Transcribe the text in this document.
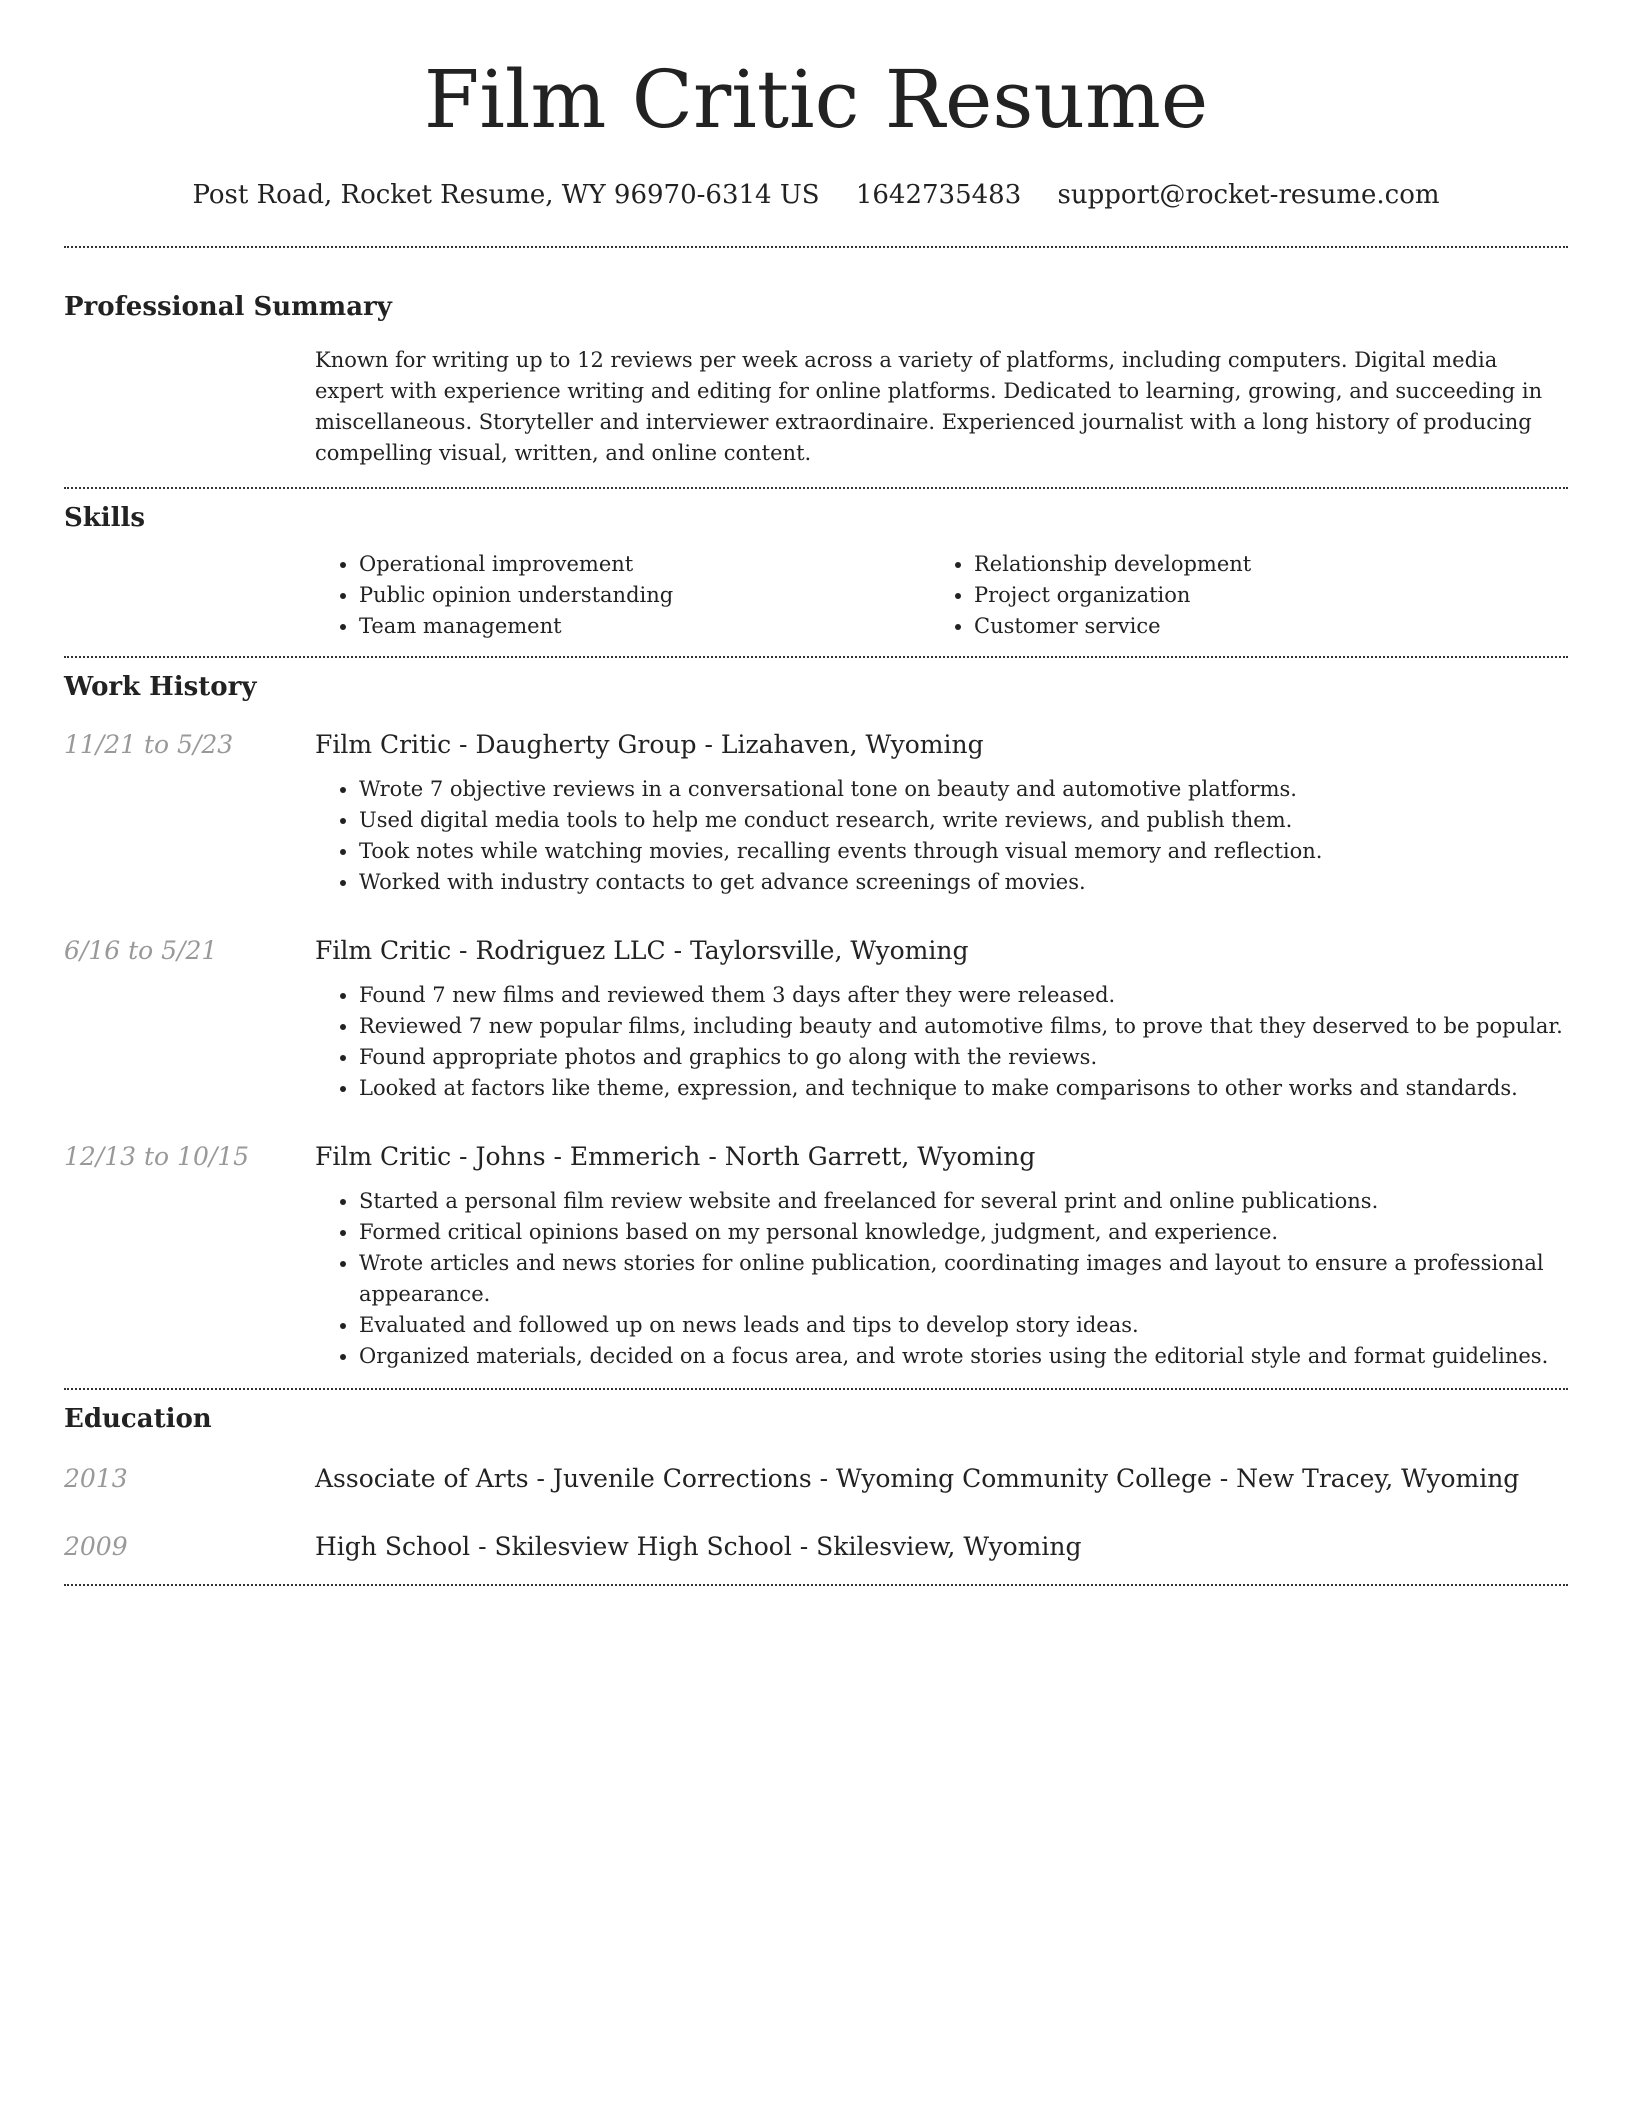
Film Critic Resume
Post Road, Rocket Resume, WY 96970-6314 US 1642735483 support@rocket-resume.com
Professional Summary

Known for writing up to 12 reviews per week across a variety of platforms, including computers. Digital media expert with experience writing and editing for online platforms. Dedicated to learning, growing, and succeeding in miscellaneous. Storyteller and interviewer extraordinaire. Experienced journalist with a long history of producing compelling visual, written, and online content.

Skills
• Operational improvement
• Public opinion understanding
• Team management
• Relationship development
• Project organization
• Customer service
Work History
11/21 to 5/23	Film Critic - Daugherty Group - Lizahaven, Wyoming
• Wrote 7 objective reviews in a conversational tone on beauty and automotive platforms.
• Used digital media tools to help me conduct research, write reviews, and publish them.
• Took notes while watching movies, recalling events through visual memory and reflection.
• Worked with industry contacts to get advance screenings of movies.
6/16 to 5/21	Film Critic - Rodriguez LLC - Taylorsville, Wyoming
• Found 7 new films and reviewed them 3 days after they were released.
• Reviewed 7 new popular films, including beauty and automotive films, to prove that they deserved to be popular.
• Found appropriate photos and graphics to go along with the reviews.
• Looked at factors like theme, expression, and technique to make comparisons to other works and standards.
12/13 to 10/15	Film Critic - Johns - Emmerich - North Garrett, Wyoming
• Started a personal film review website and freelanced for several print and online publications.
• Formed critical opinions based on my personal knowledge, judgment, and experience.
• Wrote articles and news stories for online publication, coordinating images and layout to ensure a professional appearance.
• Evaluated and followed up on news leads and tips to develop story ideas.
• Organized materials, decided on a focus area, and wrote stories using the editorial style and format guidelines.
Education
2013	Associate of Arts - Juvenile Corrections - Wyoming Community College - New Tracey, Wyoming
2009	High School - Skilesview High School - Skilesview, Wyoming
